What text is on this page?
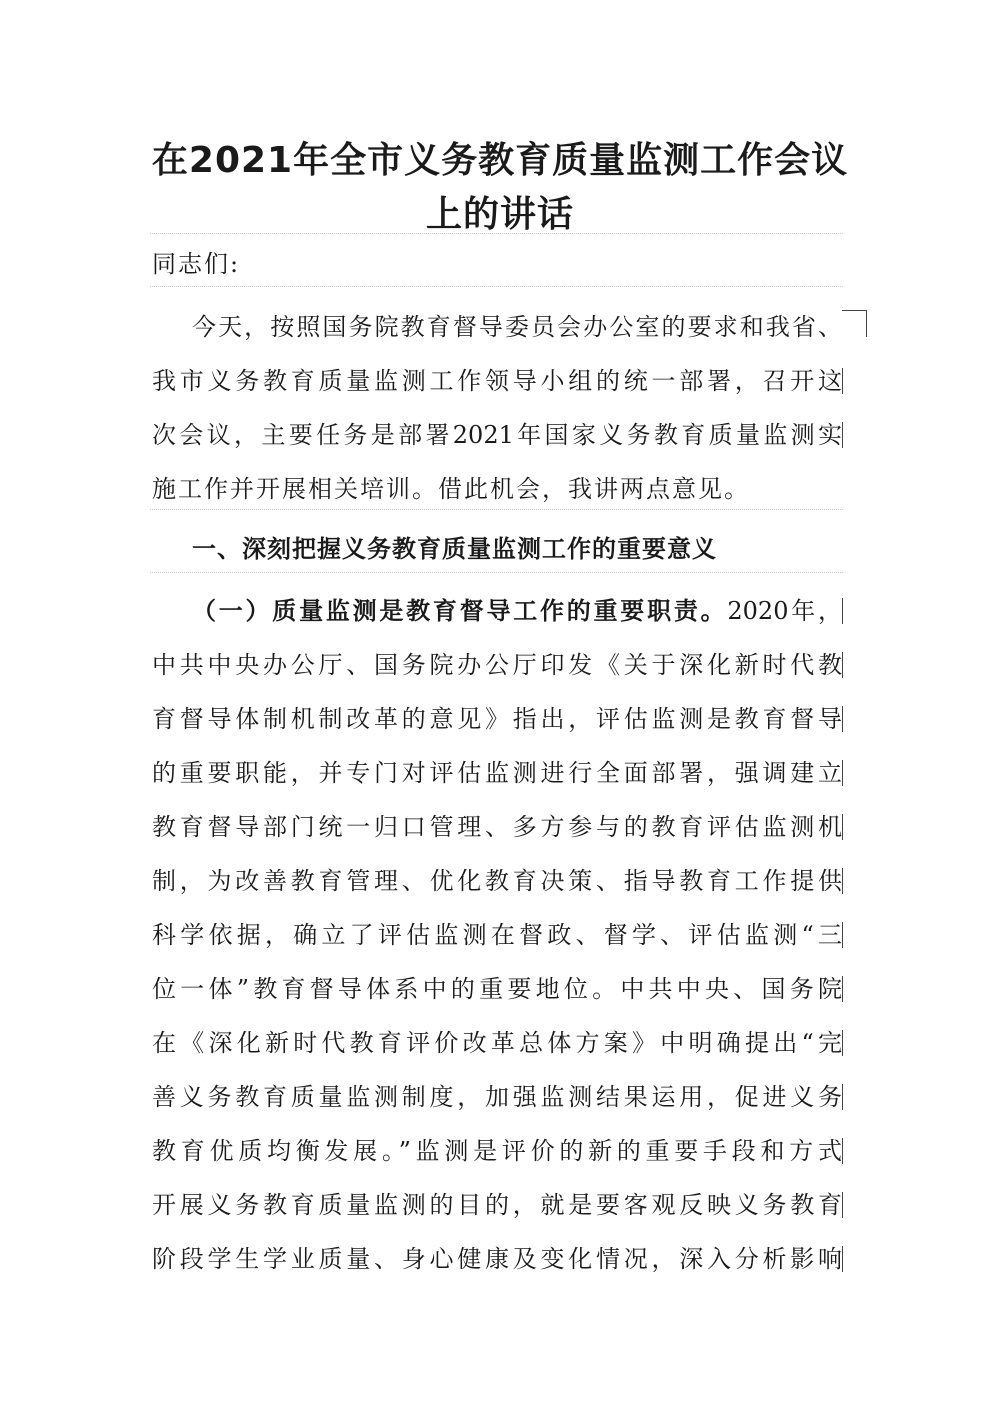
在2021年全市义务教育质量监测工作会议
上的讲话
同志们:
今天，按照国务院教育督导委员会办公室的要求和我省、
我市义务教育质量监测工作领导小组的统一部署，召开这
次会议，主要任务是部署2021年国家义务教育质量监测实
施工作并开展相关培训。借此机会，我讲两点意见。
一、深刻把握义务教育质量监测工作的重要意义
（一）质量监测是教育督导工作的重要职责。2020年，
中共中央办公厅、国务院办公厅印发《关于深化新时代教
育督导体制机制改革的意见》指出，评估监测是教育督导
的重要职能，并专门对评估监测进行全面部署，强调建立
教育督导部门统一归口管理、多方参与的教育评估监测机
制，为改善教育管理、优化教育决策、指导教育工作提供
科学依据，确立了评估监测在督政、督学、评估监测“三
位一体”教育督导体系中的重要地位。中共中央、国务院
在《深化新时代教育评价改革总体方案》中明确提出“完
善义务教育质量监测制度，加强监测结果运用，促进义务
教育优质均衡发展。”监测是评价的新的重要手段和方式
开展义务教育质量监测的目的，就是要客观反映义务教育
阶段学生学业质量、身心健康及变化情况，深入分析影响
